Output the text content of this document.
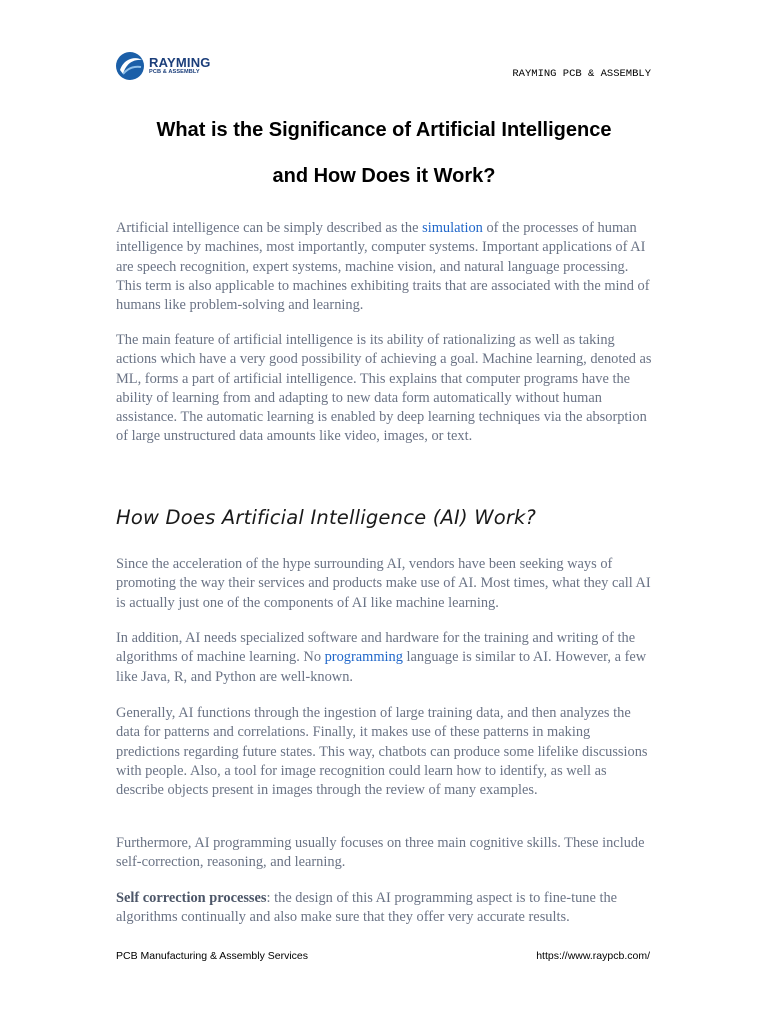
RAYMING
PCB & ASSEMBLY	RAYMING PCB & ASSEMBLY
What is the Significance of Artificial Intelligence
and How Does it Work?

Artificial intelligence can be simply described as the simulation of the processes of human intelligence by machines, most importantly, computer systems. Important applications of AI are speech recognition, expert systems, machine vision, and natural language processing. This term is also applicable to machines exhibiting traits that are associated with the mind of humans like problem-solving and learning.

The main feature of artificial intelligence is its ability of rationalizing as well as taking actions which have a very good possibility of achieving a goal. Machine learning, denoted as ML, forms a part of artificial intelligence. This explains that computer programs have the ability of learning from and adapting to new data form automatically without human assistance. The automatic learning is enabled by deep learning techniques via the absorption of large unstructured data amounts like video, images, or text.

How Does Artificial Intelligence (AI) Work?

Since the acceleration of the hype surrounding AI, vendors have been seeking ways of promoting the way their services and products make use of AI. Most times, what they call AI is actually just one of the components of AI like machine learning.

In addition, AI needs specialized software and hardware for the training and writing of the algorithms of machine learning. No programming language is similar to AI. However, a few like Java, R, and Python are well-known.

Generally, AI functions through the ingestion of large training data, and then analyzes the data for patterns and correlations. Finally, it makes use of these patterns in making predictions regarding future states. This way, chatbots can produce some lifelike discussions with people. Also, a tool for image recognition could learn how to identify, as well as describe objects present in images through the review of many examples.

Furthermore, AI programming usually focuses on three main cognitive skills. These include self-correction, reasoning, and learning.

Self correction processes: the design of this AI programming aspect is to fine-tune the algorithms continually and also make sure that they offer very accurate results.

PCB Manufacturing & Assembly Services	https://www.raypcb.com/
